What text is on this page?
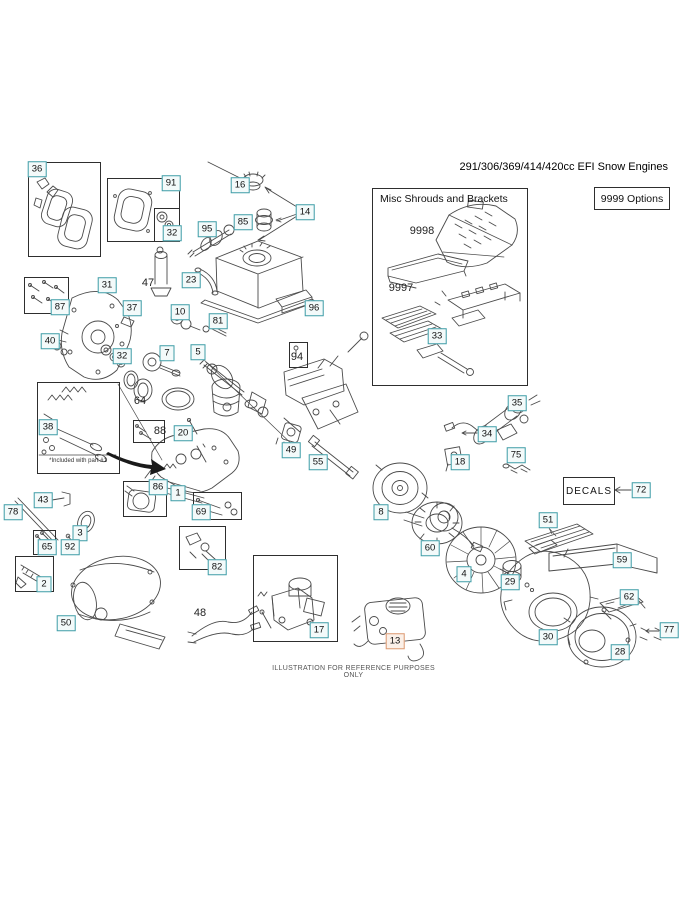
291/306/369/414/420cc EFI Snow Engines
Misc Shrouds and Brackets	9999 Options
DECALS
*Included with part #1
ILLUSTRATION FOR REFERENCE PURPOSES ONLY
9998
9997
47
64
88
94
48
36
91
32	95
16
85
14
31
87
23
37	10
81
40
32	7	5
96
33
38
20
49
55
35
34
18
75
72
86
1
69
43
78
3
92
65
2
50
82
17
13
8
60
4
29
51
59
62
30
28
77
